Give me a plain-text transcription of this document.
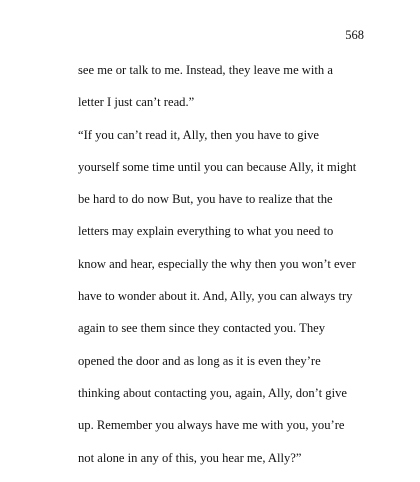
568
see me or talk to me. Instead, they leave me with a
letter I just can’t read.”
“If you can’t read it, Ally, then you have to give
yourself some time until you can because Ally, it might
be hard to do now But, you have to realize that the
letters may explain everything to what you need to
know and hear, especially the why then you won’t ever
have to wonder about it. And, Ally, you can always try
again to see them since they contacted you. They
opened the door and as long as it is even they’re
thinking about contacting you, again, Ally, don’t give
up. Remember you always have me with you, you’re
not alone in any of this, you hear me, Ally?”
